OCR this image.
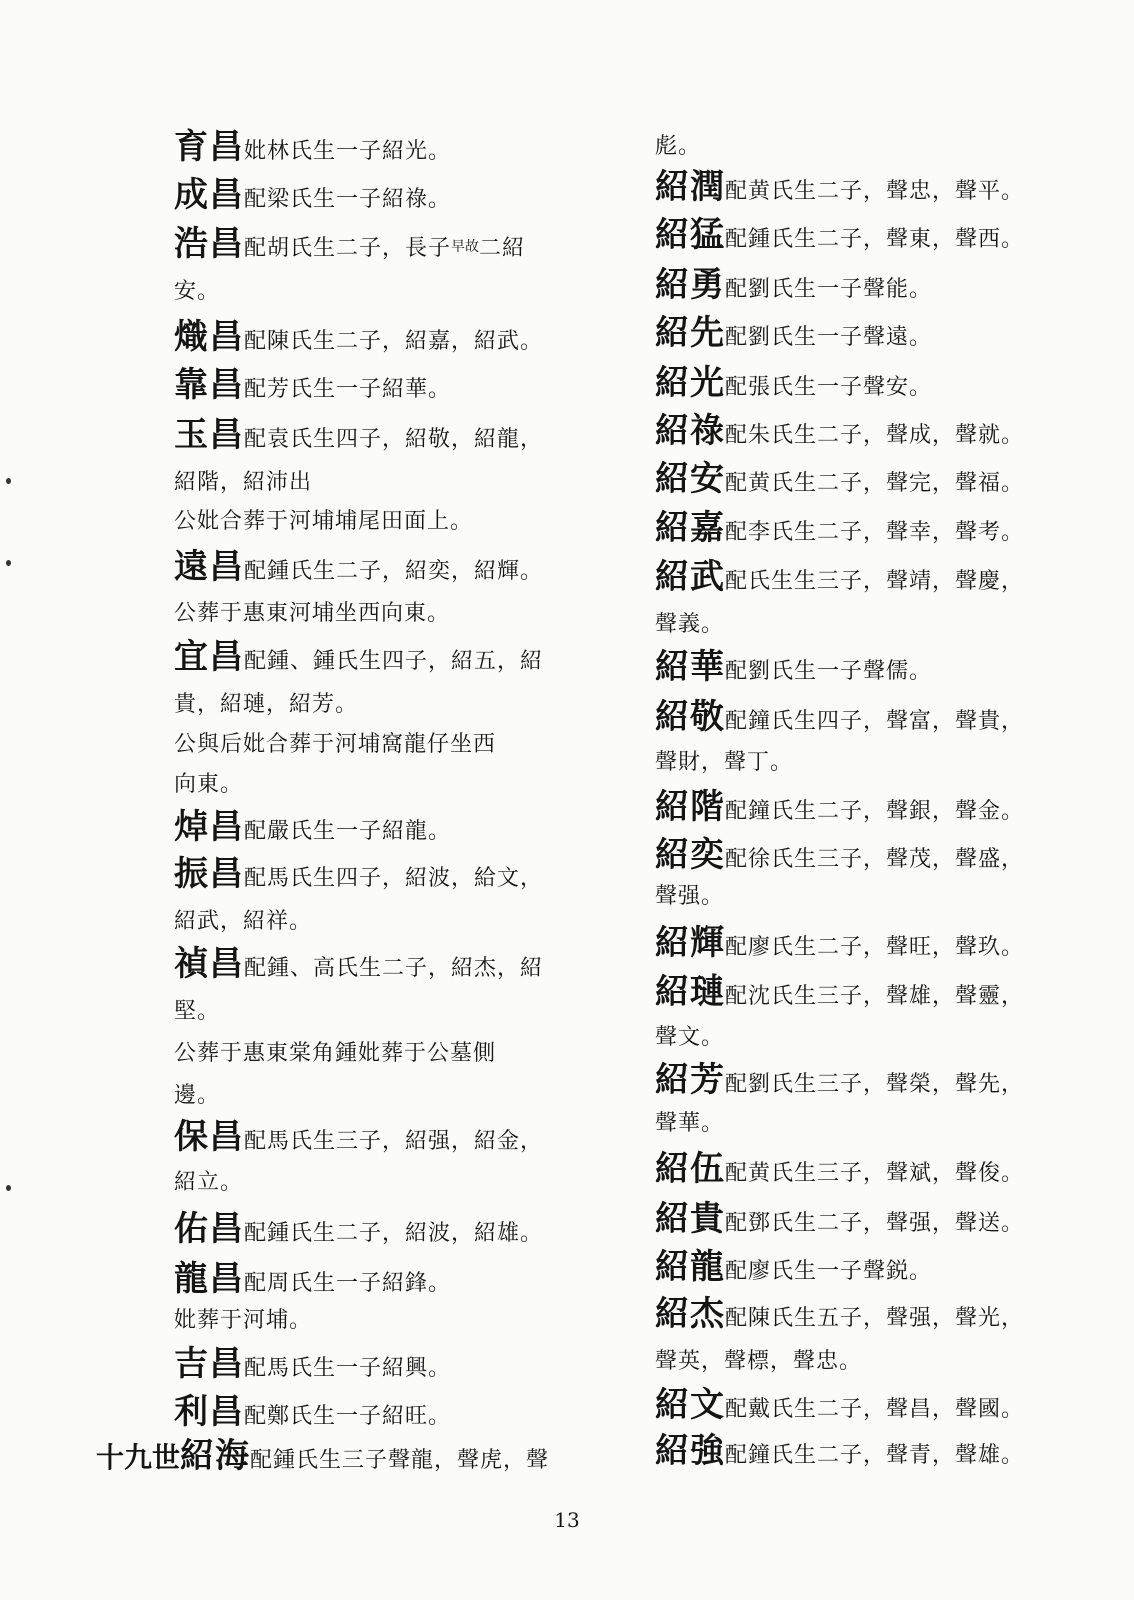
育昌妣林氏生一子紹光。
成昌配梁氏生一子紹祿。
浩昌配胡氏生二子，長子早故二紹
安。
熾昌配陳氏生二子，紹嘉，紹武。
靠昌配芳氏生一子紹華。
玉昌配袁氏生四子，紹敬，紹龍，
紹階，紹沛出
公妣合葬于河埔埔尾田面上。
遠昌配鍾氏生二子，紹奕，紹輝。
公葬于惠東河埔坐西向東。
宜昌配鍾、鍾氏生四子，紹五，紹
貴，紹璉，紹芳。
公與后妣合葬于河埔窩龍仔坐西
向東。
焯昌配嚴氏生一子紹龍。
振昌配馬氏生四子，紹波，給文，
紹武，紹祥。
禎昌配鍾、高氏生二子，紹杰，紹
堅。
公葬于惠東棠角鍾妣葬于公墓側
邊。
保昌配馬氏生三子，紹强，紹金，
紹立。
佑昌配鍾氏生二子，紹波，紹雄。
龍昌配周氏生一子紹鋒。
妣葬于河埔。
吉昌配馬氏生一子紹興。
利昌配鄭氏生一子紹旺。
十九世紹海配鍾氏生三子聲龍，聲虎，聲
彪。
紹潤配黄氏生二子，聲忠，聲平。
紹猛配鍾氏生二子，聲東，聲西。
紹勇配劉氏生一子聲能。
紹先配劉氏生一子聲遠。
紹光配張氏生一子聲安。
紹祿配朱氏生二子，聲成，聲就。
紹安配黄氏生二子，聲完，聲福。
紹嘉配李氏生二子，聲幸，聲考。
紹武配氏生生三子，聲靖，聲慶，
聲義。
紹華配劉氏生一子聲儒。
紹敬配鐘氏生四子，聲富，聲貴，
聲財，聲丁。
紹階配鐘氏生二子，聲銀，聲金。
紹奕配徐氏生三子，聲茂，聲盛，
聲强。
紹輝配廖氏生二子，聲旺，聲玖。
紹璉配沈氏生三子，聲雄，聲靈，
聲文。
紹芳配劉氏生三子，聲榮，聲先，
聲華。
紹伍配黄氏生三子，聲斌，聲俊。
紹貴配鄧氏生二子，聲强，聲送。
紹龍配廖氏生一子聲鋭。
紹杰配陳氏生五子，聲强，聲光，
聲英，聲標，聲忠。
紹文配戴氏生二子，聲昌，聲國。
紹強配鐘氏生二子，聲青，聲雄。
13
